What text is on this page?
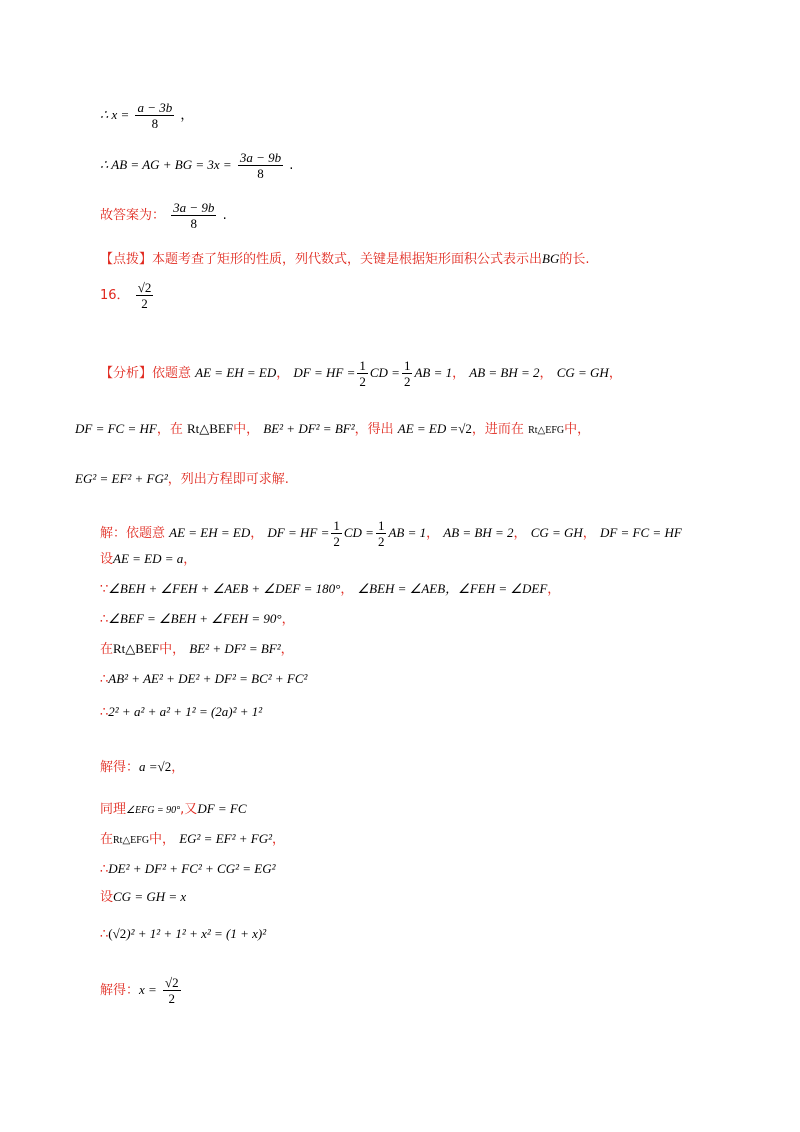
∴ $x = \frac{a - 3b}{8}$ ，
∴ AB = AG + BG = $3x = \frac{3a - 9b}{8}$ .
故答案为： $\frac{3a - 9b}{8}$ .
【点拨】本题考查了矩形的性质，列代数式，关键是根据矩形面积公式表示出BG的长.
16． $\frac{√2}{2}$
【分析】依题意 AE = EH = ED， DF = HF = $\frac{1}{2}$ CD = $\frac{1}{2}$ AB = 1， AB = BH = 2， CG = GH，
DF = FC = HF，在 Rt△BEF中， BE² + DF² = BF²，得出 AE = ED =√2，进而在 Rt△EFG中，
EG² = EF² + FG²，列出方程即可求解.
解：依题意 AE = EH = ED， DF = HF = $\frac{1}{2}$ CD = $\frac{1}{2}$ AB = 1， AB = BH = 2， CG = GH， DF = FC = HF
设AE = ED = a，
∵∠BEH + ∠FEH + ∠AEB + ∠DEF = 180°， ∠BEH = ∠AEB，∠FEH = ∠DEF，
∴∠BEF = ∠BEH + ∠FEH = 90°，
在Rt△BEF中， BE² + DF² = BF²，
∴AB² + AE² + DE² + DF² = BC² + FC²
∴2² + a² + a² + 1² = (2a)² + 1²
解得：a =√2，
同理∠EFG = 90°,又DF = FC
在Rt△EFG中， EG² = EF² + FG²，
∴DE² + DF² + FC² + CG² = EG²
设CG = GH = x
∴(√2)² + 1² + 1² + x² = (1 + x)²
解得：$x = \frac{√2}{2}$
